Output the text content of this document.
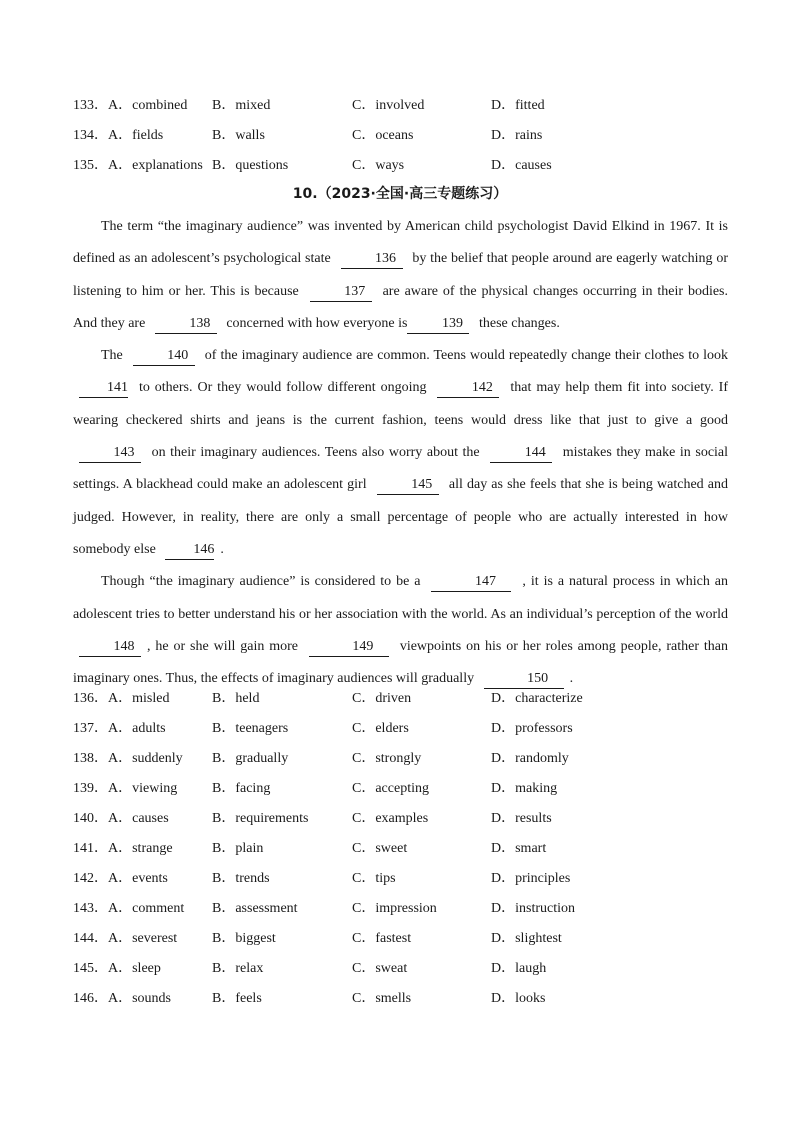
133．A．combined B．mixed	C．involved	D．fitted
134．A．fields	B．walls	C．oceans	D．rains
135．A．explanations B．questions	C．ways	D．causes
10.（2023·全国·高三专题练习）

The term “the imaginary audience” was invented by American child psychologist David Elkind in 1967. It is defined as an adolescent’s psychological state	136 by the belief that people around are eagerly watching or listening to him or her. This is because	137 are aware of the physical changes occurring in their bodies. And they are	138 concerned with how everyone is 139 these changes.

The	140 of the imaginary audience are common. Teens would repeatedly change their clothes to look 141 to others. Or they would follow different ongoing	142 that may help them fit into society. If wearing checkered shirts and jeans is the current fashion, teens would dress like that just to give a good 143 on their imaginary audiences. Teens also worry about the	144 mistakes they make in social settings. A blackhead could make an adolescent girl	145 all day as she feels that she is being watched and judged. However, in reality, there are only a small percentage of people who are actually interested in how somebody else	146 .

Though “the imaginary audience” is considered to be a	147 , it is a natural process in which an adolescent tries to better understand his or her association with the world. As an individual’s perception of the world 148 , he or she will gain more	149 viewpoints on his or her roles among people, rather than imaginary ones. Thus, the effects of imaginary audiences will gradually	150 .

136．A．misled	B．held	C．driven	D．characterize
137．A．adults	B．teenagers	C．elders	D．professors
138．A．suddenly B．gradually	C．strongly	D．randomly
139．A．viewing B．facing	C．accepting	D．making
140．A．causes	B．requirements	C．examples	D．results
141．A．strange	B．plain	C．sweet	D．smart
142．A．events	B．trends	C．tips	D．principles
143．A．comment B．assessment	C．impression	D．instruction
144．A．severest B．biggest	C．fastest	D．slightest
145．A．sleep	B．relax	C．sweat	D．laugh
146．A．sounds	B．feels	C．smells	D．looks
